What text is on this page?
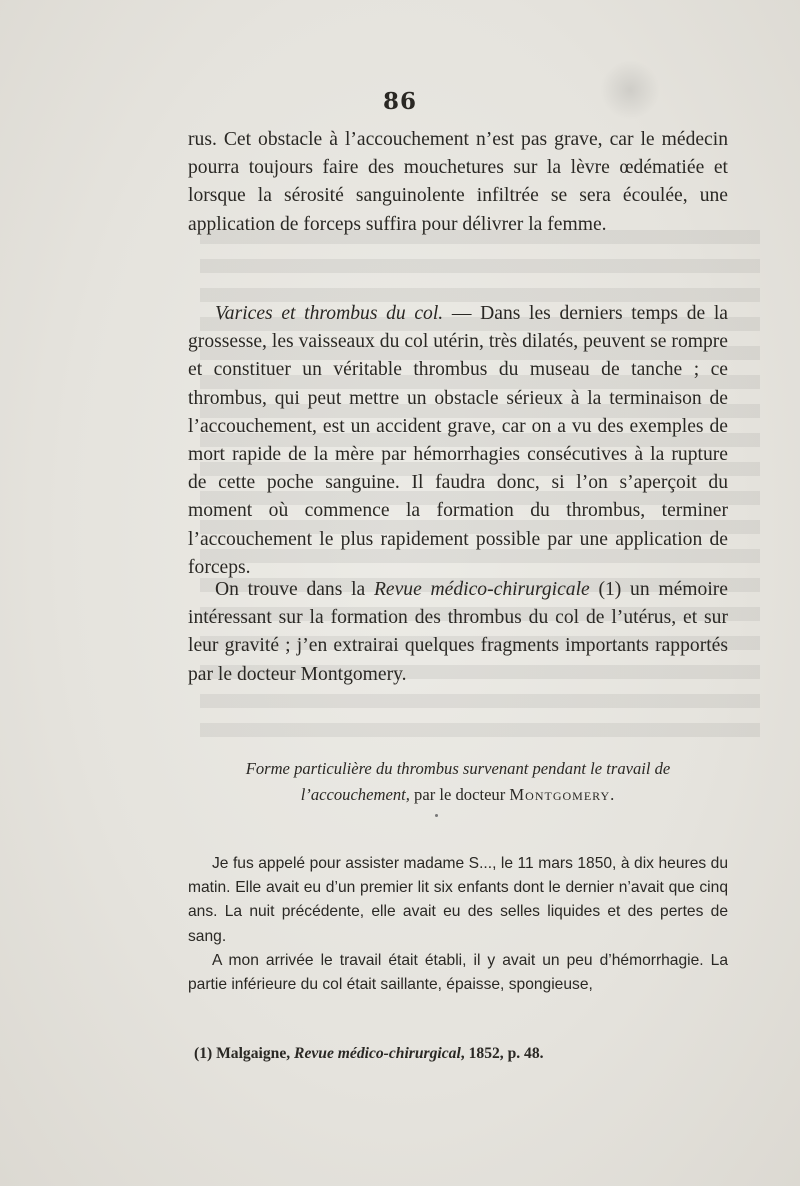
86

rus. Cet obstacle à l’accouchement n’est pas grave, car le médecin pourra toujours faire des mouchetures sur la lèvre œdématiée et lorsque la sérosité sanguinolente infiltrée se sera écoulée, une application de forceps suffira pour délivrer la femme.

Varices et thrombus du col. — Dans les derniers temps de la grossesse, les vaisseaux du col utérin, très dilatés, peuvent se rompre et constituer un véritable thrombus du museau de tanche ; ce thrombus, qui peut mettre un obstacle sérieux à la terminaison de l’accouchement, est un accident grave, car on a vu des exemples de mort rapide de la mère par hémorrhagies consécutives à la rupture de cette poche sanguine. Il faudra donc, si l’on s’aperçoit du moment où commence la formation du thrombus, terminer l’accouchement le plus rapidement possible par une application de forceps.

On trouve dans la Revue médico-chirurgicale (1) un mémoire intéressant sur la formation des thrombus du col de l’utérus, et sur leur gravité ; j’en extrairai quelques fragments importants rapportés par le docteur Montgomery.

Forme particulière du thrombus survenant pendant le travail de
l’accouchement, par le docteur Montgomery.

Je fus appelé pour assister madame S..., le 11 mars 1850, à dix heures du matin. Elle avait eu d’un premier lit six enfants dont le dernier n’avait que cinq ans. La nuit précédente, elle avait eu des selles liquides et des pertes de sang.

A mon arrivée le travail était établi, il y avait un peu d’hémorrhagie. La partie inférieure du col était saillante, épaisse, spongieuse,

(1) Malgaigne, Revue médico-chirurgical, 1852, p. 48.
